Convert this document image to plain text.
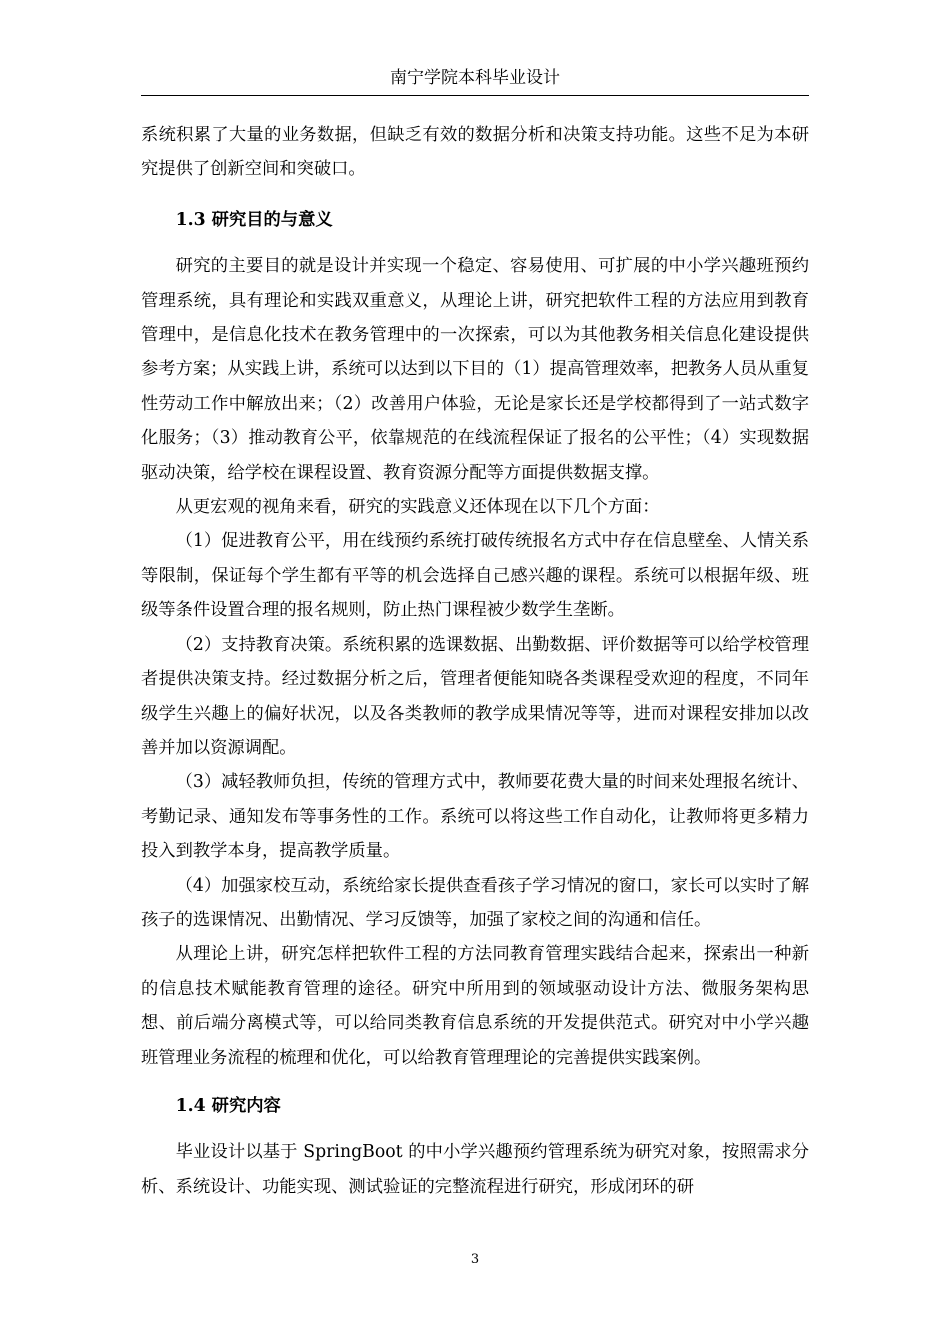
南宁学院本科毕业设计

系统积累了大量的业务数据，但缺乏有效的数据分析和决策支持功能。这些不足为本研究提供了创新空间和突破口。

1.3 研究目的与意义

研究的主要目的就是设计并实现一个稳定、容易使用、可扩展的中小学兴趣班预约管理系统，具有理论和实践双重意义，从理论上讲，研究把软件工程的方法应用到教育管理中，是信息化技术在教务管理中的一次探索，可以为其他教务相关信息化建设提供参考方案；从实践上讲，系统可以达到以下目的（1）提高管理效率，把教务人员从重复性劳动工作中解放出来；（2）改善用户体验，无论是家长还是学校都得到了一站式数字化服务；（3）推动教育公平，依靠规范的在线流程保证了报名的公平性；（4）实现数据驱动决策，给学校在课程设置、教育资源分配等方面提供数据支撑。

从更宏观的视角来看，研究的实践意义还体现在以下几个方面：

（1）促进教育公平，用在线预约系统打破传统报名方式中存在信息壁垒、人情关系等限制，保证每个学生都有平等的机会选择自己感兴趣的课程。系统可以根据年级、班级等条件设置合理的报名规则，防止热门课程被少数学生垄断。

（2）支持教育决策。系统积累的选课数据、出勤数据、评价数据等可以给学校管理者提供决策支持。经过数据分析之后，管理者便能知晓各类课程受欢迎的程度，不同年级学生兴趣上的偏好状况，以及各类教师的教学成果情况等等，进而对课程安排加以改善并加以资源调配。

（3）减轻教师负担，传统的管理方式中，教师要花费大量的时间来处理报名统计、考勤记录、通知发布等事务性的工作。系统可以将这些工作自动化，让教师将更多精力投入到教学本身，提高教学质量。

（4）加强家校互动，系统给家长提供查看孩子学习情况的窗口，家长可以实时了解孩子的选课情况、出勤情况、学习反馈等，加强了家校之间的沟通和信任。

从理论上讲，研究怎样把软件工程的方法同教育管理实践结合起来，探索出一种新的信息技术赋能教育管理的途径。研究中所用到的领域驱动设计方法、微服务架构思想、前后端分离模式等，可以给同类教育信息系统的开发提供范式。研究对中小学兴趣班管理业务流程的梳理和优化，可以给教育管理理论的完善提供实践案例。

1.4 研究内容

毕业设计以基于 SpringBoot 的中小学兴趣预约管理系统为研究对象，按照需求分析、系统设计、功能实现、测试验证的完整流程进行研究，形成闭环的研

3
